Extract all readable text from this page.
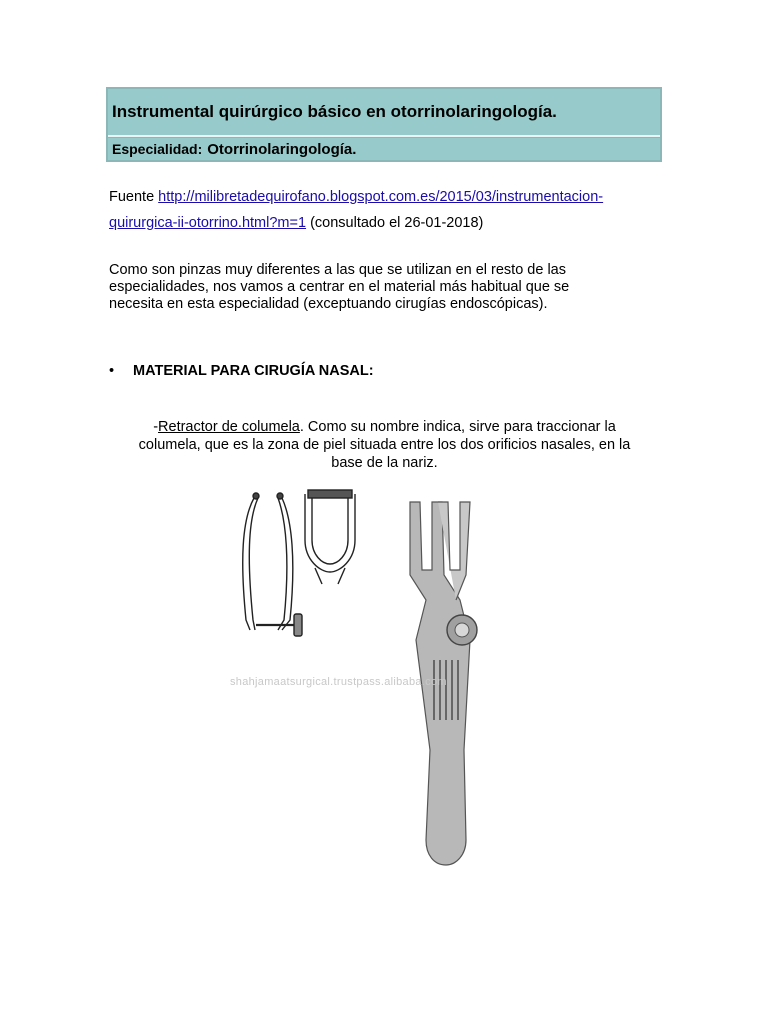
Instrumental quirúrgico básico en otorrinolaringología.
Especialidad: Otorrinolaringología.
Fuente http://milibretadequirofano.blogspot.com.es/2015/03/instrumentacion-
quirurgica-ii-otorrino.html?m=1 (consultado el 26-01-2018)
Como son pinzas muy diferentes a las que se utilizan en el resto de las
especialidades, nos vamos a centrar en el material más habitual que se
necesita en esta especialidad (exceptuando cirugías endoscópicas).
•	MATERIAL PARA CIRUGÍA NASAL:
-Retractor de columela. Como su nombre indica, sirve para traccionar la
columela, que es la zona de piel situada entre los dos orificios nasales, en la
base de la nariz.
shahjamaatsurgical.trustpass.alibaba.com
